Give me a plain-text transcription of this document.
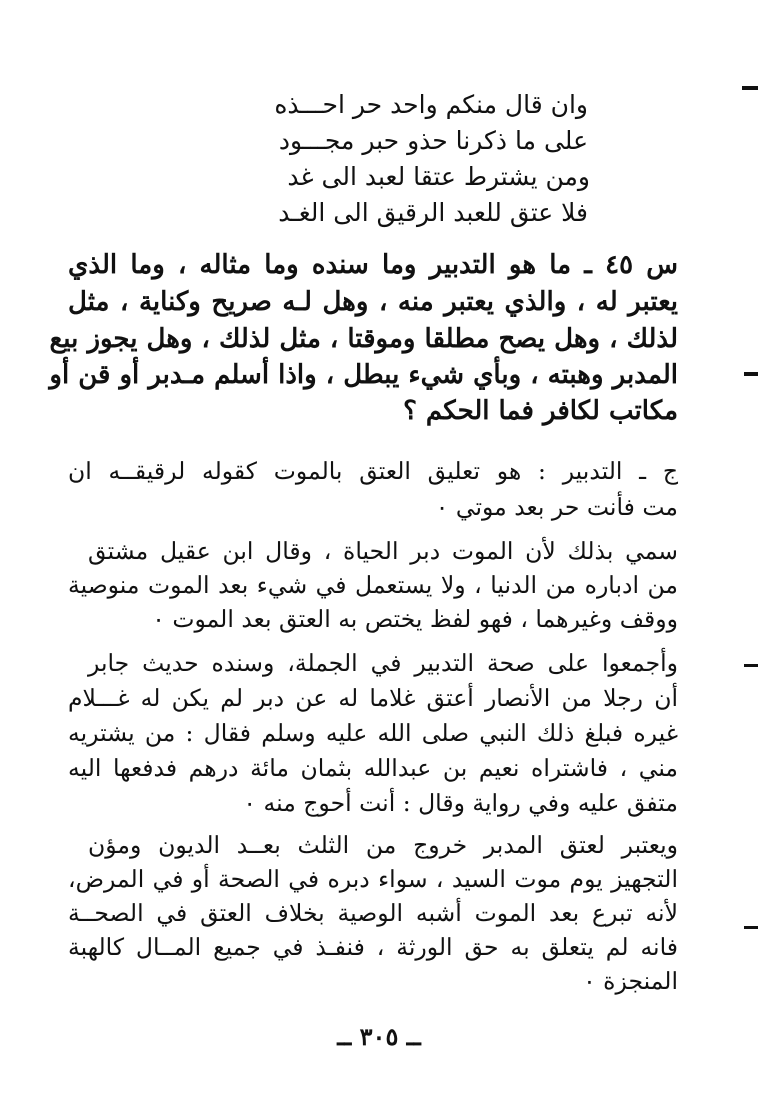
وان قال منكم واحد حر احـــذه
على ما ذكرنا حذو حبر مجـــود
ومن يشترط عتقا لعبد الى غد
فلا عتق للعبد الرقيق الى الغـد
س ٤٥ ـ ما هو التدبير وما سنده وما مثاله ، وما الذي
يعتبر له ، والذي يعتبر منه ، وهل لـه صريح وكناية ، مثل
لذلك ، وهل يصح مطلقا وموقتا ، مثل لذلك ، وهل يجوز بيع
المدبر وهبته ، وبأي شيء يبطل ، واذا أسلم مـدبر أو قن أو
مكاتب لكافر فما الحكم ؟
ج ـ التدبير : هو تعليق العتق بالموت كقوله لرقيقــه ان
مت فأنت حر بعد موتي ٠
سمي بذلك لأن الموت دبر الحياة ، وقال ابن عقيل مشتق
من ادباره من الدنيا ، ولا يستعمل في شيء بعد الموت منوصية
ووقف وغيرهما ، فهو لفظ يختص به العتق بعد الموت ٠
وأجمعوا على صحة التدبير في الجملة، وسنده حديث جابر
أن رجلا من الأنصار أعتق غلاما له عن دبر لم يكن له غـــلام
غيره فبلغ ذلك النبي صلى الله عليه وسلم فقال : من يشتريه
مني ، فاشتراه نعيم بن عبدالله بثمان مائة درهم فدفعها اليه
متفق عليه وفي رواية وقال : أنت أحوج منه ٠
ويعتبر لعتق المدبر خروج من الثلث بعــد الديون ومؤن
التجهيز يوم موت السيد ، سواء دبره في الصحة أو في المرض،
لأنه تبرع بعد الموت أشبه الوصية بخلاف العتق في الصحــة
فانه لم يتعلق به حق الورثة ، فنفـذ في جميع المــال كالهبة
المنجزة ٠
ــ ٣٠٥ ــ
